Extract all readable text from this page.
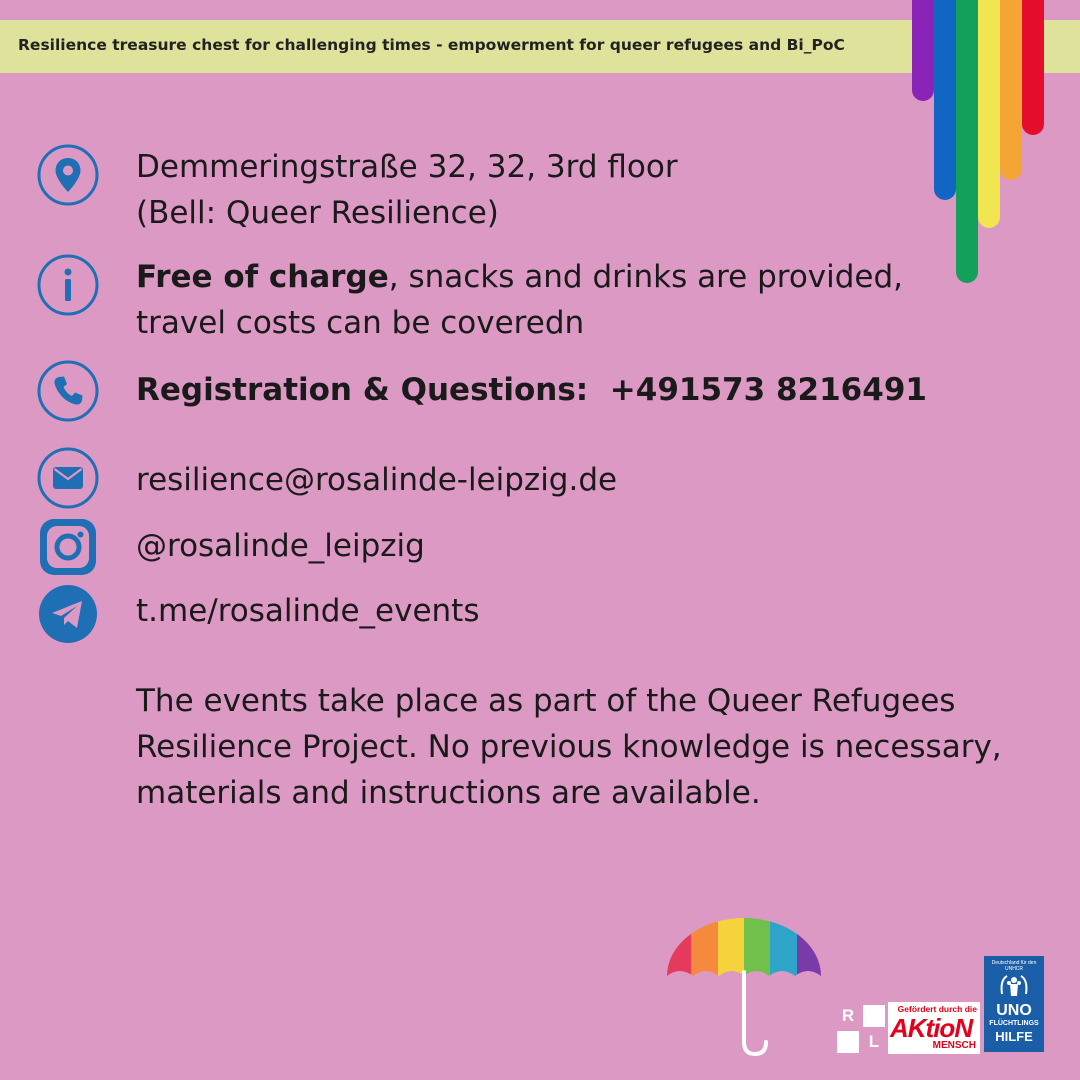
Resilience treasure chest for challenging times - empowerment for queer refugees and Bi_PoC
Demmeringstraße 32, 32, 3rd floor
(Bell: Queer Resilience)
Free of charge, snacks and drinks are provided,
travel costs can be coveredn
Registration & Questions: +491573 8216491
resilience@rosalinde-leipzig.de
@rosalinde_leipzig
t.me/rosalinde_events
The events take place as part of the Queer Refugees
Resilience Project. No previous knowledge is necessary,
materials and instructions are available.
R
L
Gefördert durch die
AKtioN
MENSCH
Deutschland für den UNHCR
UNO
FLÜCHTLINGS
HILFE
